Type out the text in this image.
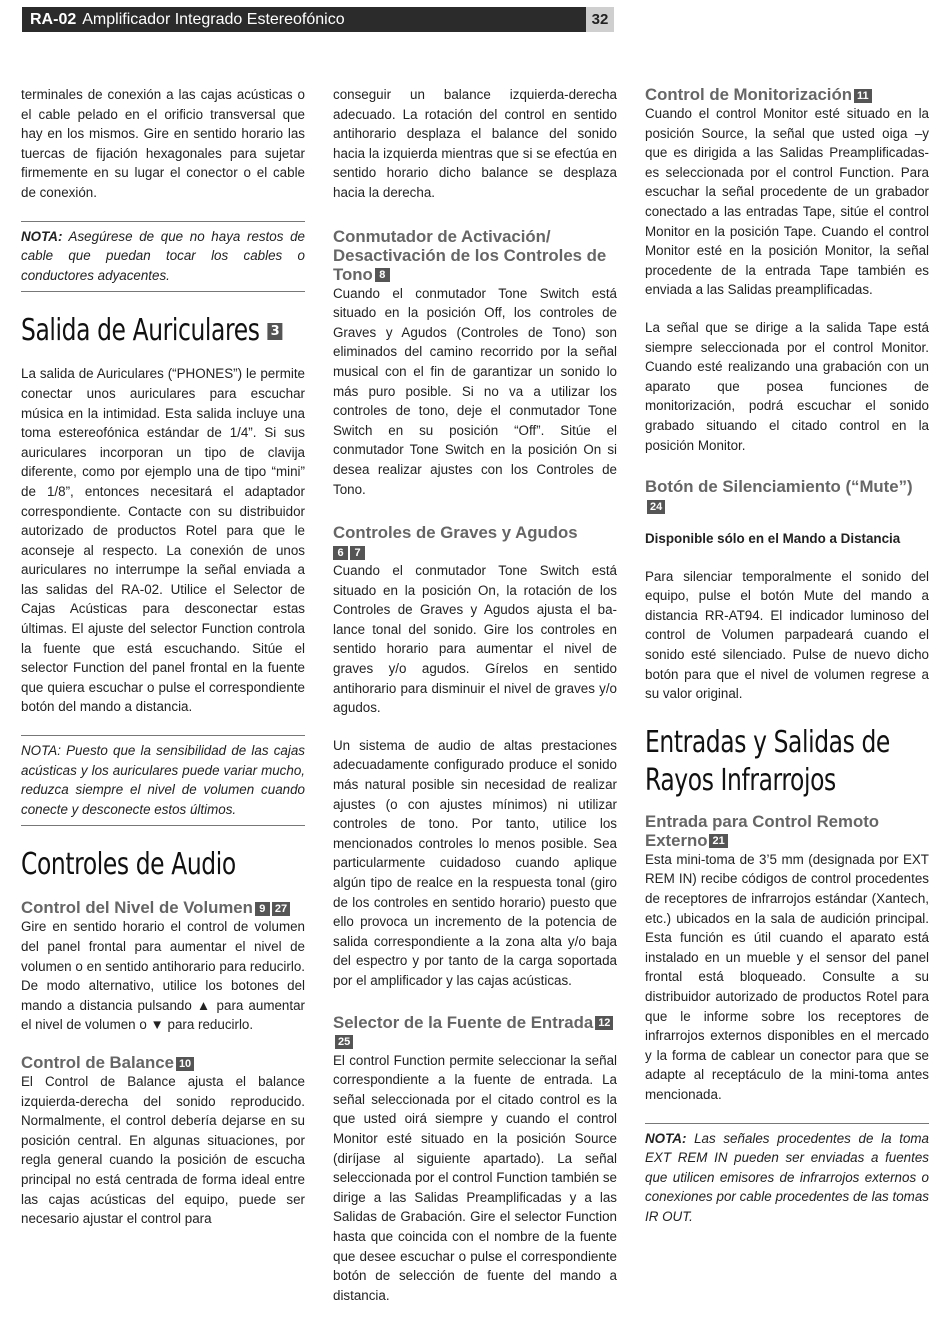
RA-02 Amplificador Integrado Estereofónico	32

terminales de conexión a las cajas acústicas o el cable pelado en el orificio transversal que hay en los mismos. Gire en sentido horario las tuercas de fijación hexagonales para sujetar firmemente en su lugar el conector o el cable de conexión.

NOTA: Asegúrese de que no haya restos de cable que puedan tocar los cables o conductores adyacentes.

Salida de Auriculares 3

La salida de Auriculares (“PHONES”) le permite conectar unos auriculares para escuchar música en la intimidad. Esta salida incluye una toma estereofónica estándar de 1/4”. Si sus auriculares incorporan un tipo de clavija diferente, como por ejemplo una de tipo “mini” de 1/8”, entonces necesitará el adaptador correspondiente. Contacte con su distribuidor autorizado de productos Rotel para que le aconseje al respecto. La conexión de unos auriculares no interrumpe la señal enviada a las salidas del RA-02. Utilice el Selector de Cajas Acústicas para desconectar estas últimas. El ajuste del selector Function controla la fuente que está escuchando. Sitúe el selector Function del panel frontal en la fuente que quiera escuchar o pulse el correspondiente botón del mando a distancia.

NOTA: Puesto que la sensibilidad de las cajas acústicas y los auriculares puede variar mucho, reduzca siempre el nivel de volumen cuando conecte y desconecte estos últimos.

Controles de Audio
Control del Nivel de Volumen 9 27

Gire en sentido horario el control de volumen del panel frontal para aumentar el nivel de volumen o en sentido antihorario para reducirlo. De modo alternativo, utilice los botones del mando a distancia pulsando ▲ para aumentar el nivel de volumen o ▼ para reducirlo.

Control de Balance 10

El Control de Balance ajusta el balance izquierda-derecha del sonido reproducido. Normalmente, el control debería dejarse en su posición central. En algunas situaciones, por regla general cuando la posición de escucha principal no está centrada de forma ideal entre las cajas acústicas del equipo, puede ser necesario ajustar el control para

conseguir un balance izquierda-derecha adecuado. La rotación del control en sentido antihorario desplaza el balance del sonido hacia la izquierda mientras que si se efectúa en sentido horario dicho balance se desplaza hacia la derecha.

Conmutador de Activación/ Desactivación de los Controles de Tono 8

Cuando el conmutador Tone Switch está situado en la posición Off, los controles de Graves y Agudos (Controles de Tono) son eliminados del camino recorrido por la señal musical con el fin de garantizar un sonido lo más puro posible. Si no va a utilizar los controles de tono, deje el conmutador Tone Switch en su posición “Off”. Sitúe el conmutador Tone Switch en la posición On si desea realizar ajustes con los Controles de Tono.

Controles de Graves y Agudos
6 7

Cuando el conmutador Tone Switch está situado en la posición On, la rotación de los Controles de Graves y Agudos ajusta el ba-lance tonal del sonido. Gire los controles en sentido horario para aumentar el nivel de graves y/o agudos. Gírelos en sentido antihorario para disminuir el nivel de graves y/o agudos.

Un sistema de audio de altas prestaciones adecuadamente configurado produce el sonido más natural posible sin necesidad de realizar ajustes (o con ajustes mínimos) ni utilizar controles de tono. Por tanto, utilice los mencionados controles lo menos posible. Sea particularmente cuidadoso cuando aplique algún tipo de realce en la respuesta tonal (giro de los controles en sentido horario) puesto que ello provoca un incremento de la potencia de salida correspondiente a la zona alta y/o baja del espectro y por tanto de la carga soportada por el amplificador y las cajas acústicas.

Selector de la Fuente de Entrada 1225

El control Function permite seleccionar la señal correspondiente a la fuente de entrada. La señal seleccionada por el citado control es la que usted oirá siempre y cuando el control Monitor esté situado en la posición Source (diríjase al siguiente apartado). La señal seleccionada por el control Function también se dirige a las Salidas Preamplificadas y a las Salidas de Grabación. Gire el selector Function hasta que coincida con el nombre de la fuente que desee escuchar o pulse el correspondiente botón de selección de fuente del mando a distancia.

Control de Monitorización 11

Cuando el control Monitor esté situado en la posición Source, la señal que usted oiga –y que es dirigida a las Salidas Preamplificadas-es seleccionada por el control Function. Para escuchar la señal procedente de un grabador conectado a las entradas Tape, sitúe el control Monitor en la posición Tape. Cuando el control Monitor esté en la posición Monitor, la señal procedente de la entrada Tape también es enviada a las Salidas preamplificadas.

La señal que se dirige a la salida Tape está siempre seleccionada por el control Monitor. Cuando esté realizando una grabación con un aparato que posea funciones de monitorización, podrá escuchar el sonido grabado situando el citado control en la posición Monitor.

Botón de Silenciamiento (“Mute”)24

Disponible sólo en el Mando a Distancia

Para silenciar temporalmente el sonido del equipo, pulse el botón Mute del mando a distancia RR-AT94. El indicador luminoso del control de Volumen parpadeará cuando el sonido esté silenciado. Pulse de nuevo dicho botón para que el nivel de volumen regrese a su valor original.

Entradas y Salidas de
Rayos Infrarrojos
Entrada para Control Remoto Externo 21

Esta mini-toma de 3’5 mm (designada por EXT REM IN) recibe códigos de control procedentes de receptores de infrarrojos estándar (Xantech, etc.) ubicados en la sala de audición principal. Esta función es útil cuando el aparato está instalado en un mueble y el sensor del panel frontal está bloqueado. Consulte a su distribuidor autorizado de productos Rotel para que le informe sobre los receptores de infrarrojos externos disponibles en el mercado y la forma de cablear un conector para que se adapte al receptáculo de la mini-toma antes mencionada.

NOTA: Las señales procedentes de la toma EXT REM IN pueden ser enviadas a fuentes que utilicen emisores de infrarrojos externos o conexiones por cable procedentes de las tomas IR OUT.
